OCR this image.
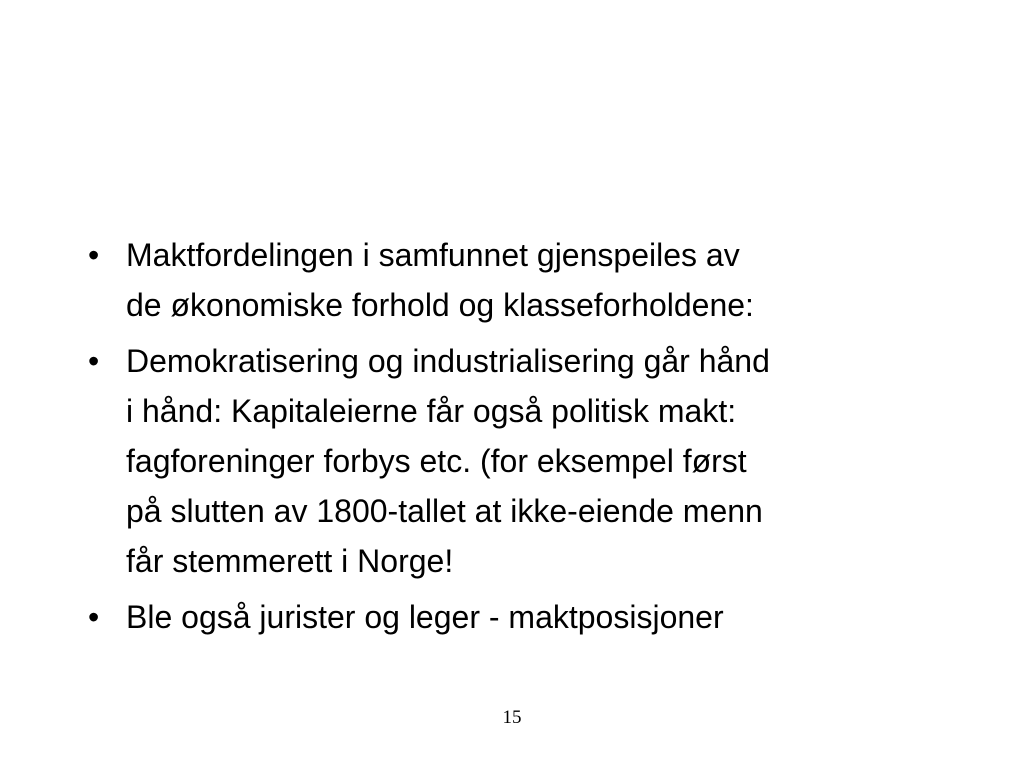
• Maktfordelingen i samfunnet gjenspeiles av
de økonomiske forhold og klasseforholdene:
• Demokratisering og industrialisering går hånd
i hånd: Kapitaleierne får også politisk makt:
fagforeninger forbys etc. (for eksempel først
på slutten av 1800-tallet at ikke-eiende menn
får stemmerett i Norge!
• Ble også jurister og leger - maktposisjoner
15
